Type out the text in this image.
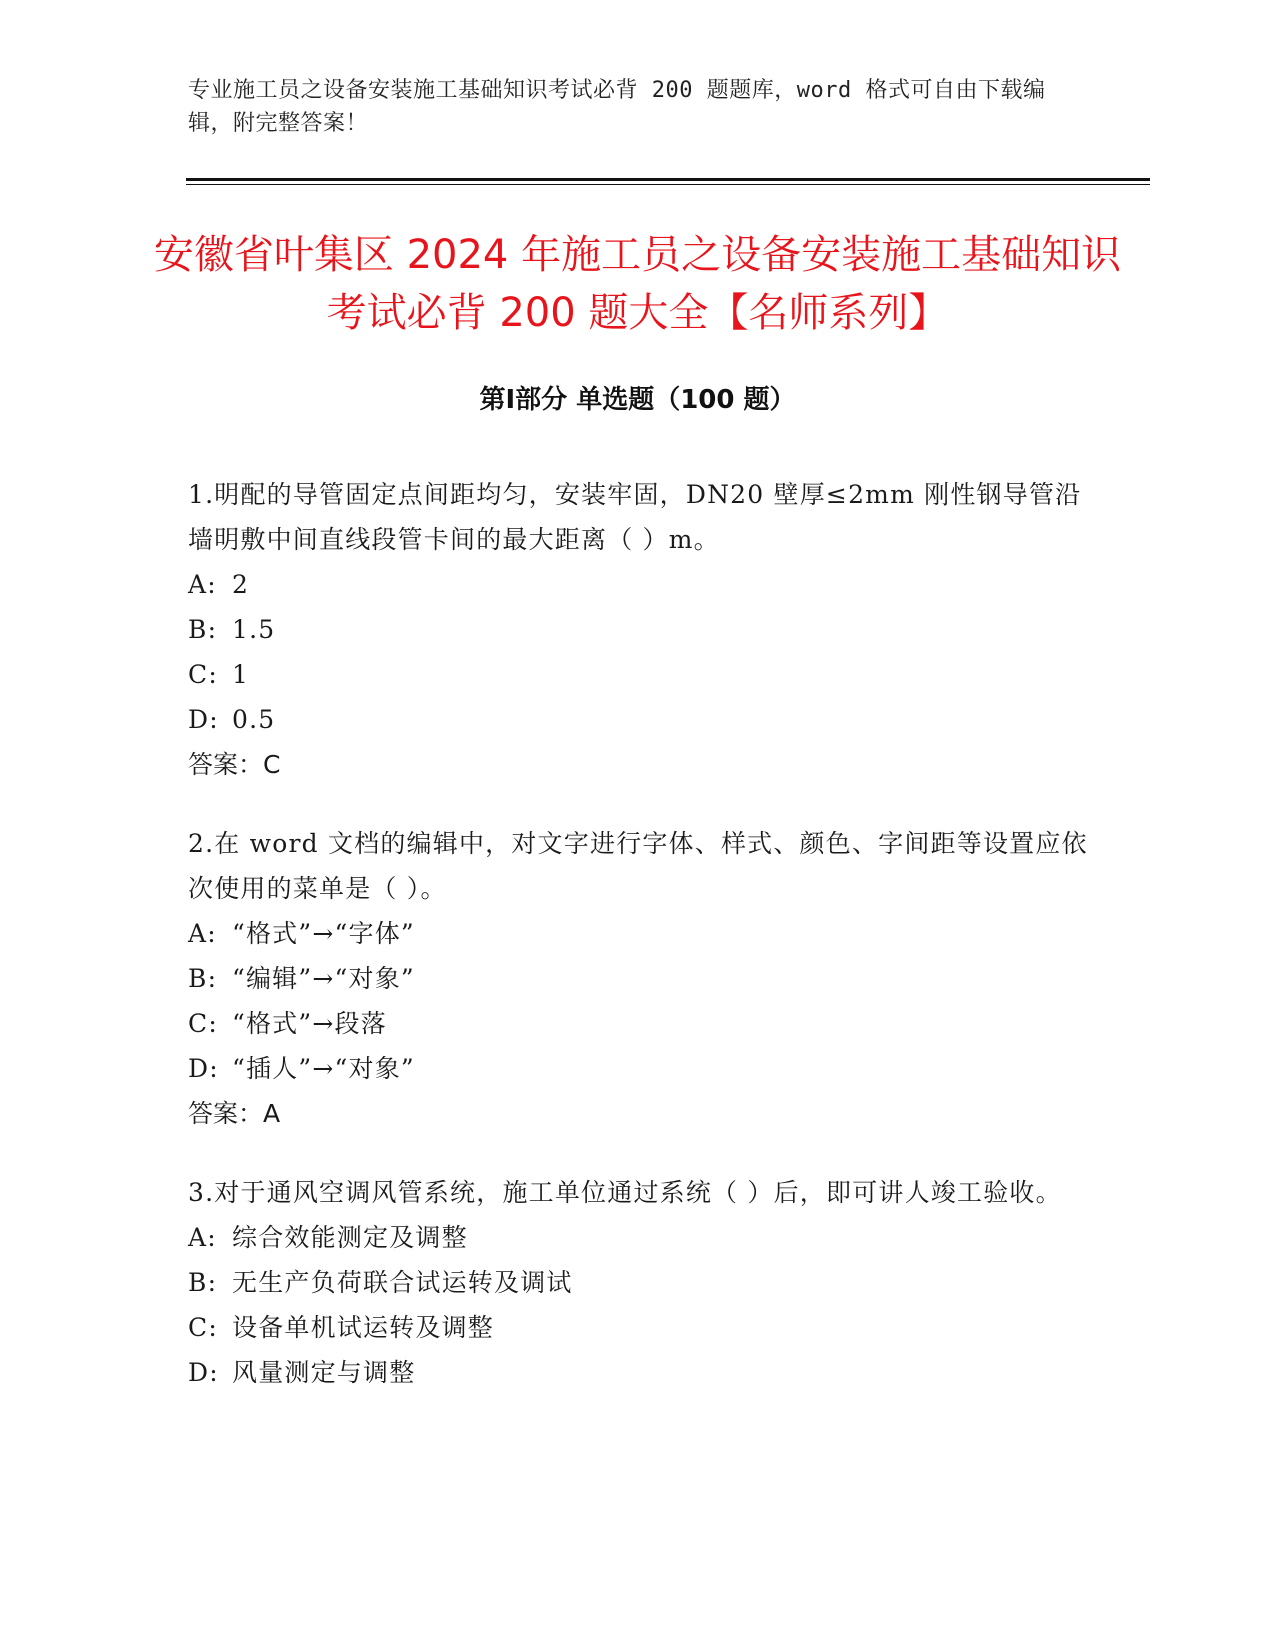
专业施工员之设备安装施工基础知识考试必背 200 题题库，word 格式可自由下载编辑，附完整答案！
安徽省叶集区 2024 年施工员之设备安装施工基础知识考试必背 200 题大全【名师系列】
第Ⅰ部分 单选题（100 题）

1.明配的导管固定点间距均匀，安装牢固，DN20 壁厚≤2mm 刚性钢导管沿墙明敷中间直线段管卡间的最大距离（ ）m。

A: 2
B: 1.5
C: 1
D: 0.5

答案：C

2.在 word 文档的编辑中，对文字进行字体、样式、颜色、字间距等设置应依次使用的菜单是（ ）。

A: “格式”→“字体”
B: “编辑”→“对象”
C: “格式”→段落
D: “插人”→“对象”

答案：A

3.对于通风空调风管系统，施工单位通过系统（ ）后，即可讲人竣工验收。

A: 综合效能测定及调整
B: 无生产负荷联合试运转及调试
C: 设备单机试运转及调整
D: 风量测定与调整
